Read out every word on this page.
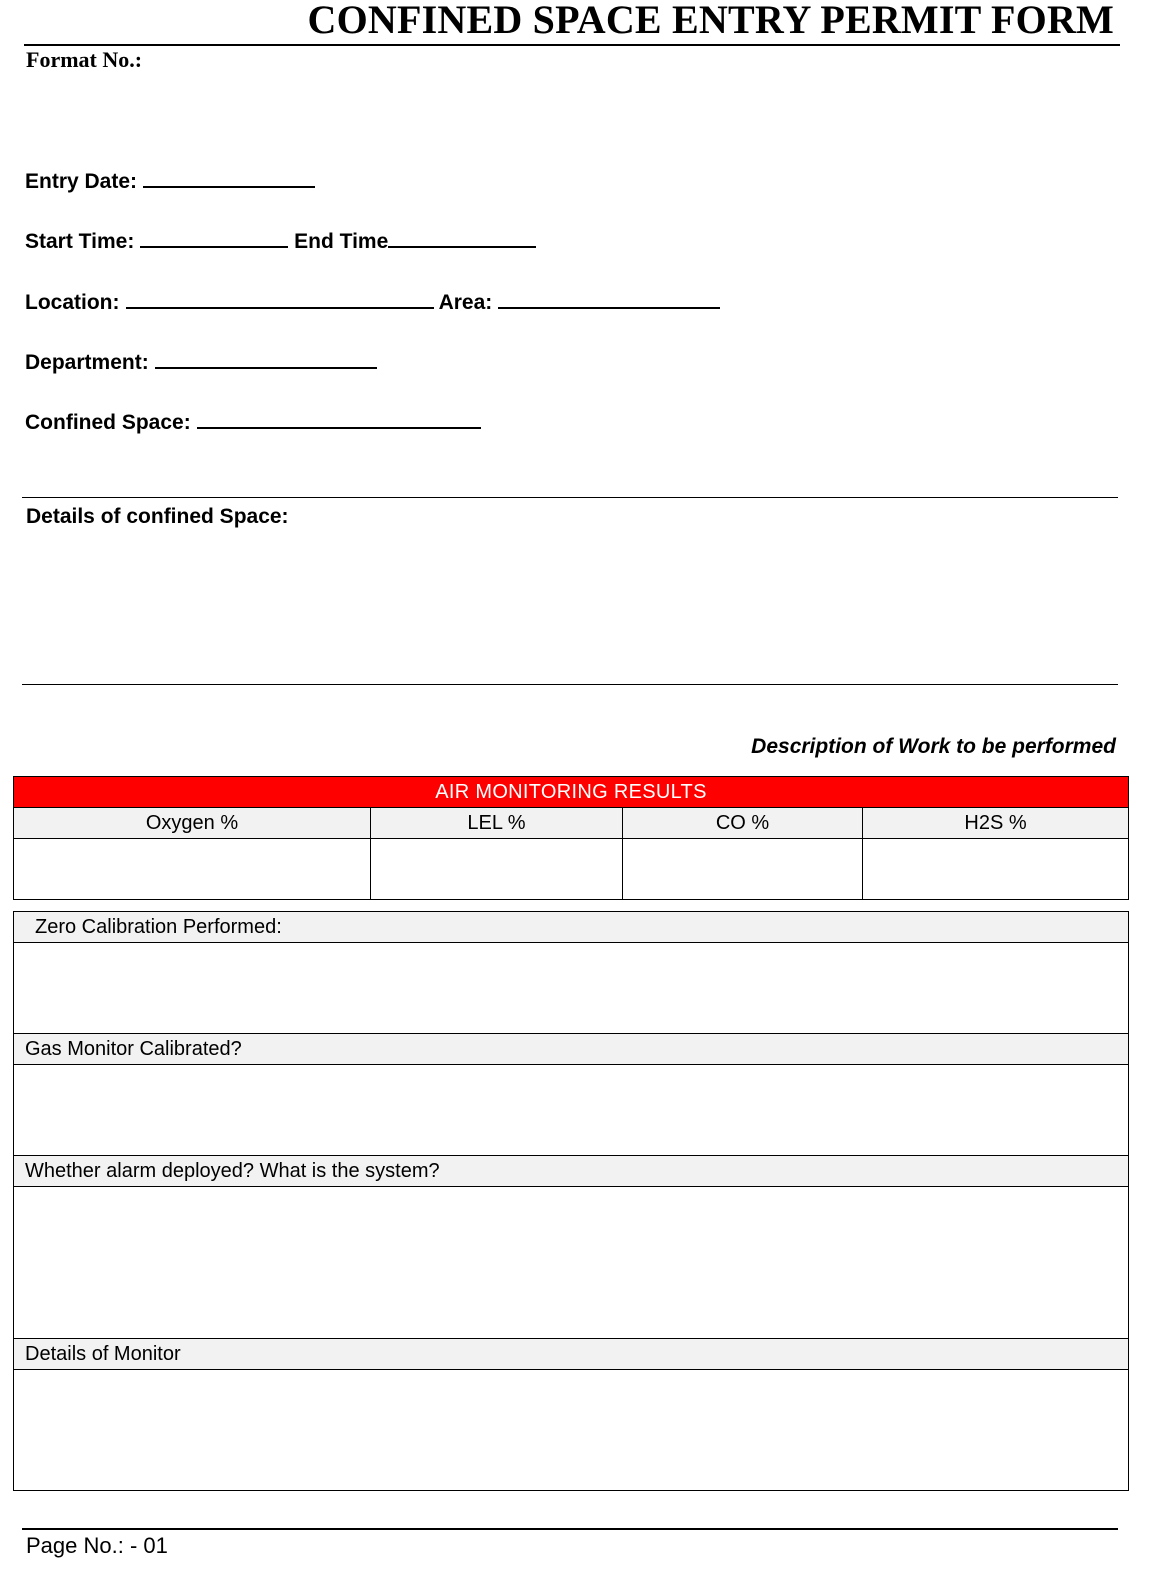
CONFINED SPACE ENTRY PERMIT FORM
Format No.:
Entry Date:
Start Time:	End Time
Location:	Area:
Department:
Confined Space:
Details of confined Space:
Description of Work to be performed
AIR MONITORING RESULTS			
Oxygen %	LEL %	CO %	H2S %

Zero Calibration Performed:

Gas Monitor Calibrated?

Whether alarm deployed? What is the system?

Details of Monitor

Page No.: - 01
